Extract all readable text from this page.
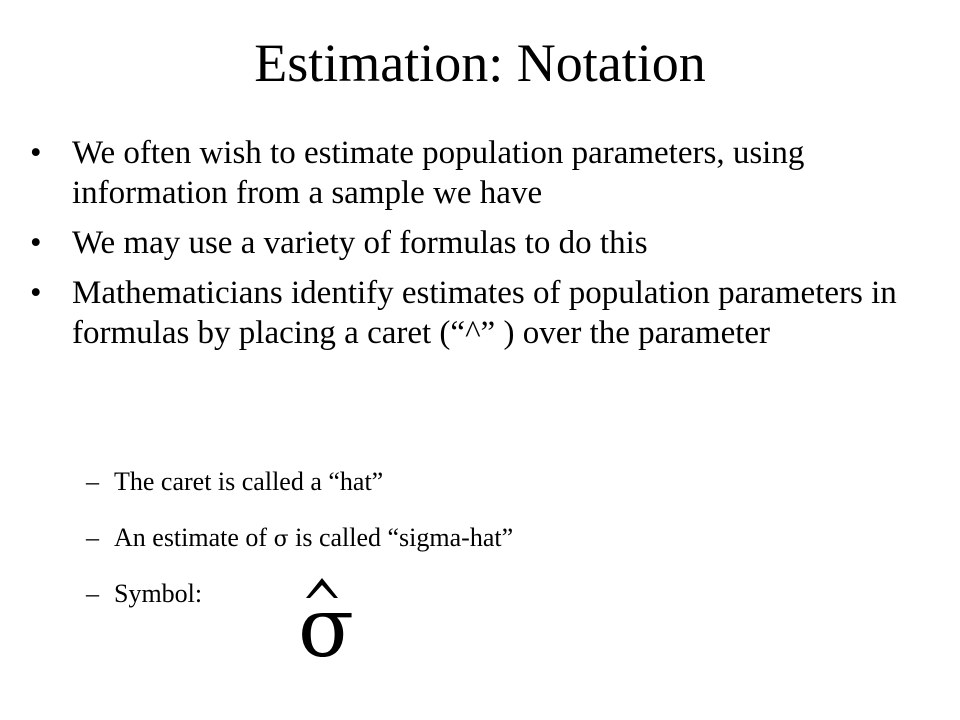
Estimation: Notation
• We often wish to estimate population parameters, using information from a sample we have
• We may use a variety of formulas to do this
• Mathematicians identify estimates of population parameters in formulas by placing a caret (“^” ) over the parameter
– The caret is called a “hat”
– An estimate of σ is called “sigma-hat”
– Symbol:	σ
